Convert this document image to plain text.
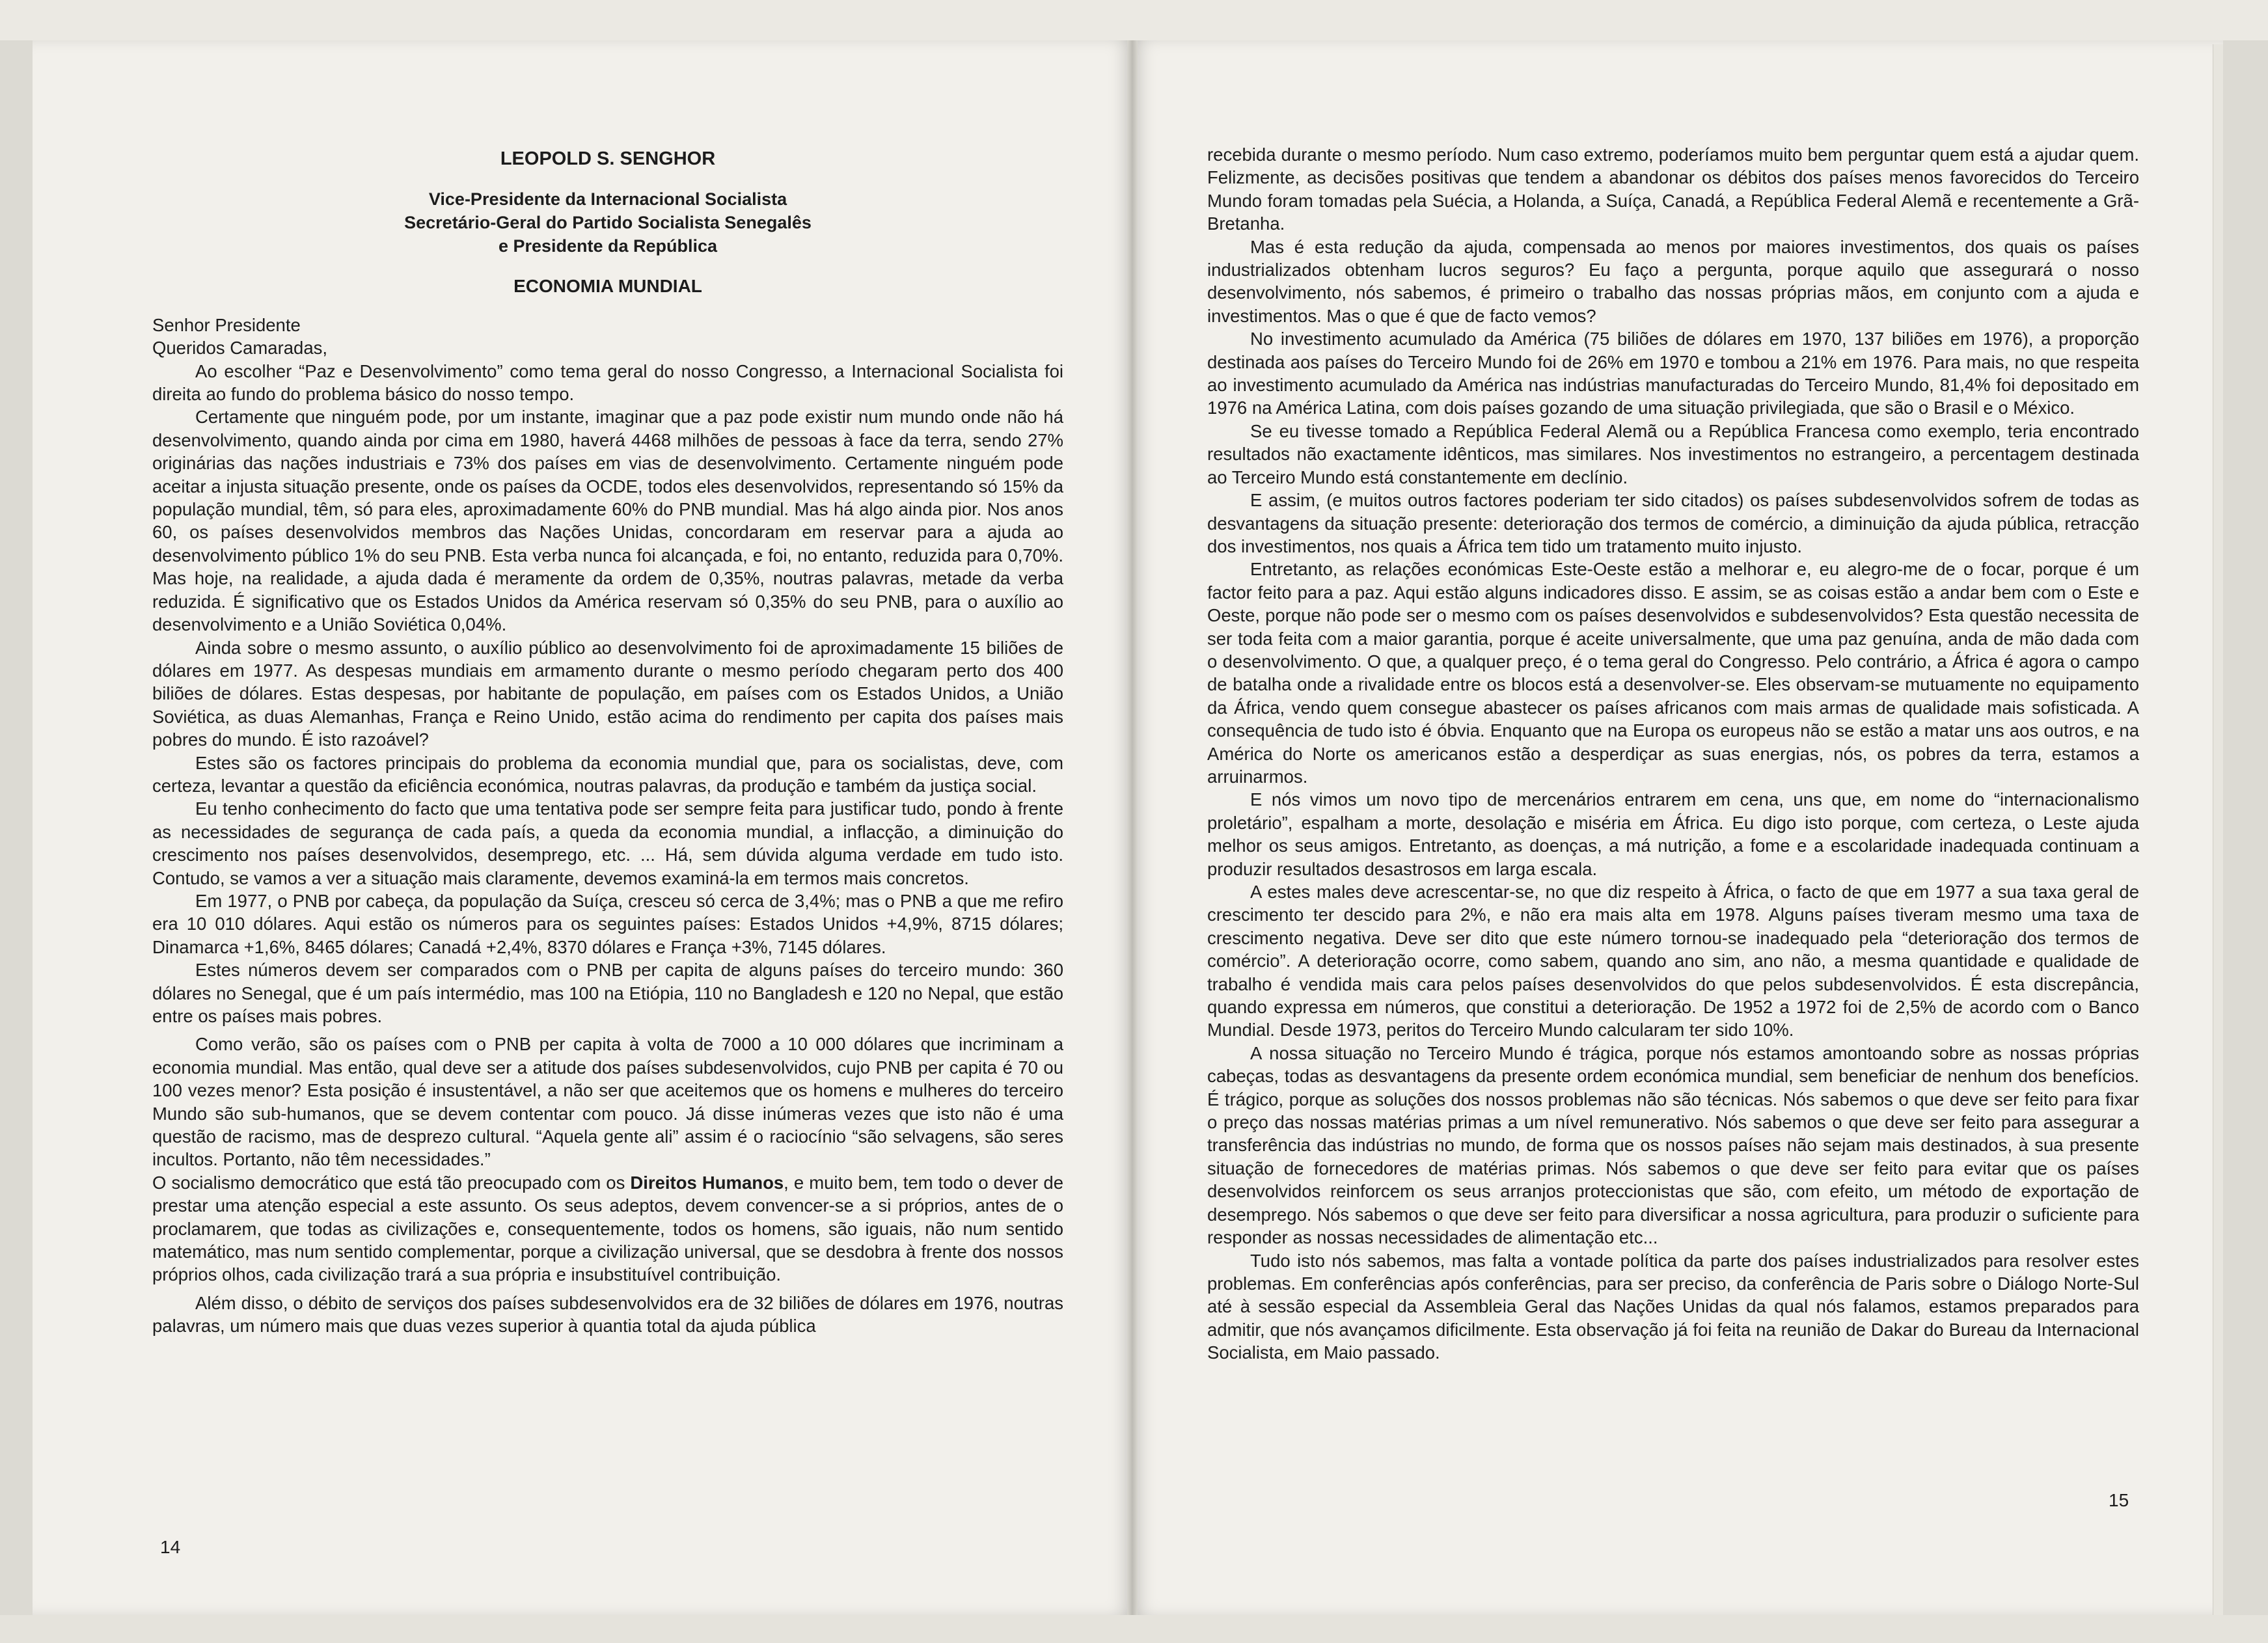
LEOPOLD S. SENGHOR
Vice-Presidente da Internacional Socialista
Secretário-Geral do Partido Socialista Senegalês
e Presidente da República
ECONOMIA MUNDIAL

Senhor Presidente

Queridos Camaradas,

Ao escolher “Paz e Desenvolvimento” como tema geral do nosso Congresso, a Internacional Socialista foi direita ao fundo do problema básico do nosso tempo.

Certamente que ninguém pode, por um instante, imaginar que a paz pode existir num mundo onde não há desenvolvimento, quando ainda por cima em 1980, haverá 4468 milhões de pessoas à face da terra, sendo 27% originárias das nações industriais e 73% dos países em vias de desenvolvimento. Certamente ninguém pode aceitar a injusta situação presente, onde os países da OCDE, todos eles desenvolvidos, representando só 15% da população mundial, têm, só para eles, aproximadamente 60% do PNB mundial. Mas há algo ainda pior. Nos anos 60, os países desenvolvidos membros das Nações Unidas, concordaram em reservar para a ajuda ao desenvolvimento público 1% do seu PNB. Esta verba nunca foi alcançada, e foi, no entanto, reduzida para 0,70%. Mas hoje, na realidade, a ajuda dada é meramente da ordem de 0,35%, noutras palavras, metade da verba reduzida. É significativo que os Estados Unidos da América reservam só 0,35% do seu PNB, para o auxílio ao desenvolvimento e a União Soviética 0,04%.

Ainda sobre o mesmo assunto, o auxílio público ao desenvolvimento foi de aproximadamente 15 biliões de dólares em 1977. As despesas mundiais em armamento durante o mesmo período chegaram perto dos 400 biliões de dólares. Estas despesas, por habitante de população, em países com os Estados Unidos, a União Soviética, as duas Alemanhas, França e Reino Unido, estão acima do rendimento per capita dos países mais pobres do mundo. É isto razoável?

Estes são os factores principais do problema da economia mundial que, para os socialistas, deve, com certeza, levantar a questão da eficiência económica, noutras palavras, da produção e também da justiça social.

Eu tenho conhecimento do facto que uma tentativa pode ser sempre feita para justificar tudo, pondo à frente as necessidades de segurança de cada país, a queda da economia mundial, a inflacção, a diminuição do crescimento nos países desenvolvidos, desemprego, etc. ... Há, sem dúvida alguma verdade em tudo isto. Contudo, se vamos a ver a situação mais claramente, devemos examiná-la em termos mais concretos.

Em 1977, o PNB por cabeça, da população da Suíça, cresceu só cerca de 3,4%; mas o PNB a que me refiro era 10 010 dólares. Aqui estão os números para os seguintes países: Estados Unidos +4,9%, 8715 dólares; Dinamarca +1,6%, 8465 dólares; Canadá +2,4%, 8370 dólares e França +3%, 7145 dólares.

Estes números devem ser comparados com o PNB per capita de alguns países do terceiro mundo: 360 dólares no Senegal, que é um país intermédio, mas 100 na Etiópia, 110 no Bangladesh e 120 no Nepal, que estão entre os países mais pobres.

Como verão, são os países com o PNB per capita à volta de 7000 a 10 000 dólares que incriminam a economia mundial. Mas então, qual deve ser a atitude dos países subdesenvolvidos, cujo PNB per capita é 70 ou 100 vezes menor? Esta posição é insustentável, a não ser que aceitemos que os homens e mulheres do terceiro Mundo são sub-humanos, que se devem contentar com pouco. Já disse inúmeras vezes que isto não é uma questão de racismo, mas de desprezo cultural. “Aquela gente ali” assim é o raciocínio “são selvagens, são seres incultos. Portanto, não têm necessidades.”

O socialismo democrático que está tão preocupado com os Direitos Humanos, e muito bem, tem todo o dever de prestar uma atenção especial a este assunto. Os seus adeptos, devem convencer-se a si próprios, antes de o proclamarem, que todas as civilizações e, consequentemente, todos os homens, são iguais, não num sentido matemático, mas num sentido complementar, porque a civilização universal, que se desdobra à frente dos nossos próprios olhos, cada civilização trará a sua própria e insubstituível contribuição.

Além disso, o débito de serviços dos países subdesenvolvidos era de 32 biliões de dólares em 1976, noutras palavras, um número mais que duas vezes superior à quantia total da ajuda pública

14

recebida durante o mesmo período. Num caso extremo, poderíamos muito bem perguntar quem está a ajudar quem. Felizmente, as decisões positivas que tendem a abandonar os débitos dos países menos favorecidos do Terceiro Mundo foram tomadas pela Suécia, a Holanda, a Suíça, Canadá, a República Federal Alemã e recentemente a Grã-Bretanha.

Mas é esta redução da ajuda, compensada ao menos por maiores investimentos, dos quais os países industrializados obtenham lucros seguros? Eu faço a pergunta, porque aquilo que assegurará o nosso desenvolvimento, nós sabemos, é primeiro o trabalho das nossas próprias mãos, em conjunto com a ajuda e investimentos. Mas o que é que de facto vemos?

No investimento acumulado da América (75 biliões de dólares em 1970, 137 biliões em 1976), a proporção destinada aos países do Terceiro Mundo foi de 26% em 1970 e tombou a 21% em 1976. Para mais, no que respeita ao investimento acumulado da América nas indústrias manufacturadas do Terceiro Mundo, 81,4% foi depositado em 1976 na América Latina, com dois países gozando de uma situação privilegiada, que são o Brasil e o México.

Se eu tivesse tomado a República Federal Alemã ou a República Francesa como exemplo, teria encontrado resultados não exactamente idênticos, mas similares. Nos investimentos no estrangeiro, a percentagem destinada ao Terceiro Mundo está constantemente em declínio.

E assim, (e muitos outros factores poderiam ter sido citados) os países subdesenvolvidos sofrem de todas as desvantagens da situação presente: deterioração dos termos de comércio, a diminuição da ajuda pública, retracção dos investimentos, nos quais a África tem tido um tratamento muito injusto.

Entretanto, as relações económicas Este-Oeste estão a melhorar e, eu alegro-me de o focar, porque é um factor feito para a paz. Aqui estão alguns indicadores disso. E assim, se as coisas estão a andar bem com o Este e Oeste, porque não pode ser o mesmo com os países desenvolvidos e subdesenvolvidos? Esta questão necessita de ser toda feita com a maior garantia, porque é aceite universalmente, que uma paz genuína, anda de mão dada com o desenvolvimento. O que, a qualquer preço, é o tema geral do Congresso. Pelo contrário, a África é agora o campo de batalha onde a rivalidade entre os blocos está a desenvolver-se. Eles observam-se mutuamente no equipamento da África, vendo quem consegue abastecer os países africanos com mais armas de qualidade mais sofisticada. A consequência de tudo isto é óbvia. Enquanto que na Europa os europeus não se estão a matar uns aos outros, e na América do Norte os americanos estão a desperdiçar as suas energias, nós, os pobres da terra, estamos a arruinarmos.

E nós vimos um novo tipo de mercenários entrarem em cena, uns que, em nome do “internacionalismo proletário”, espalham a morte, desolação e miséria em África. Eu digo isto porque, com certeza, o Leste ajuda melhor os seus amigos. Entretanto, as doenças, a má nutrição, a fome e a escolaridade inadequada continuam a produzir resultados desastrosos em larga escala.

A estes males deve acrescentar-se, no que diz respeito à África, o facto de que em 1977 a sua taxa geral de crescimento ter descido para 2%, e não era mais alta em 1978. Alguns países tiveram mesmo uma taxa de crescimento negativa. Deve ser dito que este número tornou-se inadequado pela “deterioração dos termos de comércio”. A deterioração ocorre, como sabem, quando ano sim, ano não, a mesma quantidade e qualidade de trabalho é vendida mais cara pelos países desenvolvidos do que pelos subdesenvolvidos. É esta discrepância, quando expressa em números, que constitui a deterioração. De 1952 a 1972 foi de 2,5% de acordo com o Banco Mundial. Desde 1973, peritos do Terceiro Mundo calcularam ter sido 10%.

A nossa situação no Terceiro Mundo é trágica, porque nós estamos amontoando sobre as nossas próprias cabeças, todas as desvantagens da presente ordem económica mundial, sem beneficiar de nenhum dos benefícios. É trágico, porque as soluções dos nossos problemas não são técnicas. Nós sabemos o que deve ser feito para fixar o preço das nossas matérias primas a um nível remunerativo. Nós sabemos o que deve ser feito para assegurar a transferência das indústrias no mundo, de forma que os nossos países não sejam mais destinados, à sua presente situação de fornecedores de matérias primas. Nós sabemos o que deve ser feito para evitar que os países desenvolvidos reinforcem os seus arranjos proteccionistas que são, com efeito, um método de exportação de desemprego. Nós sabemos o que deve ser feito para diversificar a nossa agricultura, para produzir o suficiente para responder as nossas necessidades de alimentação etc...

Tudo isto nós sabemos, mas falta a vontade política da parte dos países industrializados para resolver estes problemas. Em conferências após conferências, para ser preciso, da conferência de Paris sobre o Diálogo Norte-Sul até à sessão especial da Assembleia Geral das Nações Unidas da qual nós falamos, estamos preparados para admitir, que nós avançamos dificilmente. Esta observação já foi feita na reunião de Dakar do Bureau da Internacional Socialista, em Maio passado.

15
